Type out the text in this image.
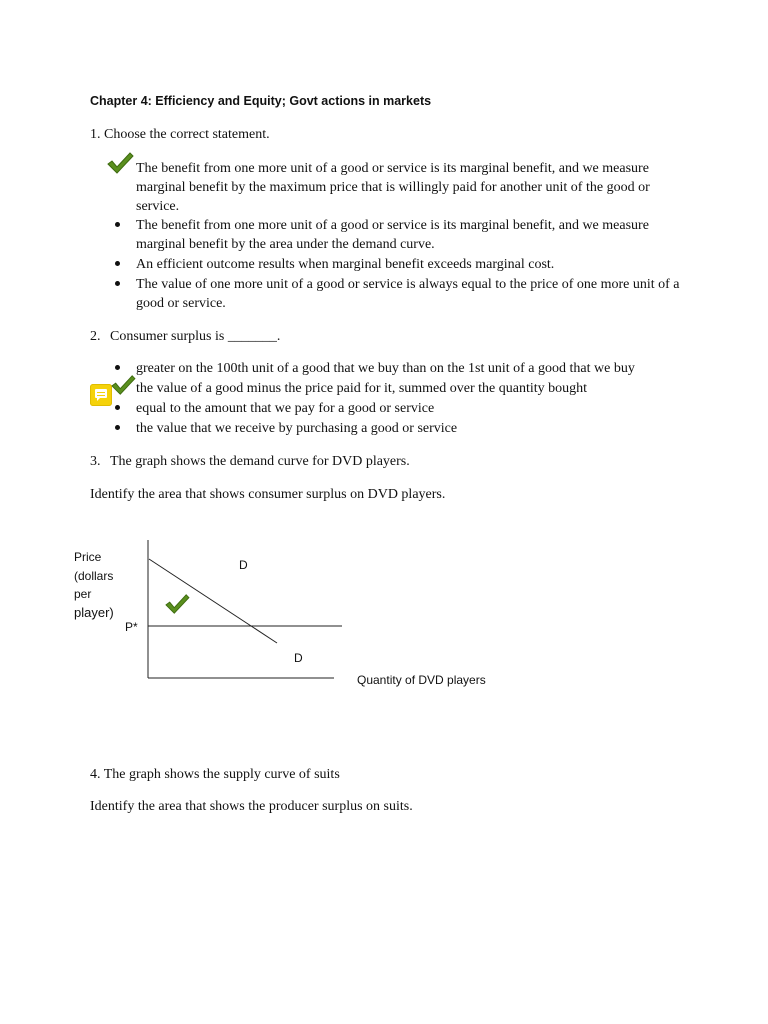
Chapter 4: Efficiency and Equity; Govt actions in markets
1. Choose the correct statement.
The benefit from one more unit of a good or service is its marginal benefit, and we measure marginal benefit by the maximum price that is willingly paid for another unit of the good or service.
The benefit from one more unit of a good or service is its marginal benefit, and we measure marginal benefit by the area under the demand curve.
An efficient outcome results when marginal benefit exceeds marginal cost.
The value of one more unit of a good or service is always equal to the price of one more unit of a good or service.
2. Consumer surplus is _______.
greater on the 100th unit of a good that we buy than on the 1st unit of a good that we buy
the value of a good minus the price paid for it, summed over the quantity bought
equal to the amount that we pay for a good or service
the value that we receive by purchasing a good or service
3. The graph shows the demand curve for DVD players.
Identify the area that shows consumer surplus on DVD players.
Price
(dollars
per
player)
P*
D
D
Quantity of DVD players
4. The graph shows the supply curve of suits
Identify the area that shows the producer surplus on suits.
